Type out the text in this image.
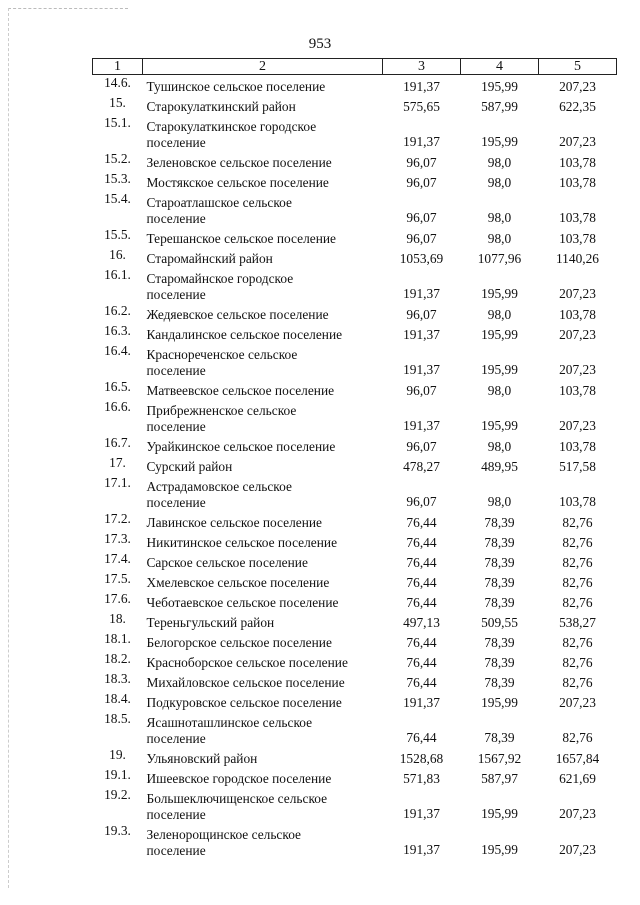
953
1	2	3	4	5
14.6.	Тушинское сельское поселение	191,37	195,99	207,23
15.	Старокулаткинский район	575,65	587,99	622,35
15.1.	Старокулаткинское городское
поселение	191,37	195,99	207,23
15.2.	Зеленовское сельское поселение	96,07	98,0	103,78
15.3.	Мостякское сельское поселение	96,07	98,0	103,78
15.4.	Староатлашское сельское
поселение	96,07	98,0	103,78
15.5.	Терешанское сельское поселение	96,07	98,0	103,78
16.	Старомайнский район	1053,69	1077,96	1140,26
16.1.	Старомайнское городское
поселение	191,37	195,99	207,23
16.2.	Жедяевское сельское поселение	96,07	98,0	103,78
16.3.	Кандалинское сельское поселение	191,37	195,99	207,23
16.4.	Краснореченское сельское
поселение	191,37	195,99	207,23
16.5.	Матвеевское сельское поселение	96,07	98,0	103,78
16.6.	Прибрежненское сельское
поселение	191,37	195,99	207,23
16.7.	Урайкинское сельское поселение	96,07	98,0	103,78
17.	Сурский район	478,27	489,95	517,58
17.1.	Астрадамовское сельское
поселение	96,07	98,0	103,78
17.2.	Лавинское сельское поселение	76,44	78,39	82,76
17.3.	Никитинское сельское поселение	76,44	78,39	82,76
17.4.	Сарское сельское поселение	76,44	78,39	82,76
17.5.	Хмелевское сельское поселение	76,44	78,39	82,76
17.6.	Чеботаевское сельское поселение	76,44	78,39	82,76
18.	Тереньгульский район	497,13	509,55	538,27
18.1.	Белогорское сельское поселение	76,44	78,39	82,76
18.2.	Красноборское сельское поселение	76,44	78,39	82,76
18.3.	Михайловское сельское поселение	76,44	78,39	82,76
18.4.	Подкуровское сельское поселение	191,37	195,99	207,23
18.5.	Ясашноташлинское сельское
поселение	76,44	78,39	82,76
19.	Ульяновский район	1528,68	1567,92	1657,84
19.1.	Ишеевское городское поселение	571,83	587,97	621,69
19.2.	Большеключищенское сельское
поселение	191,37	195,99	207,23
19.3.	Зеленорощинское сельское
поселение	191,37	195,99	207,23
